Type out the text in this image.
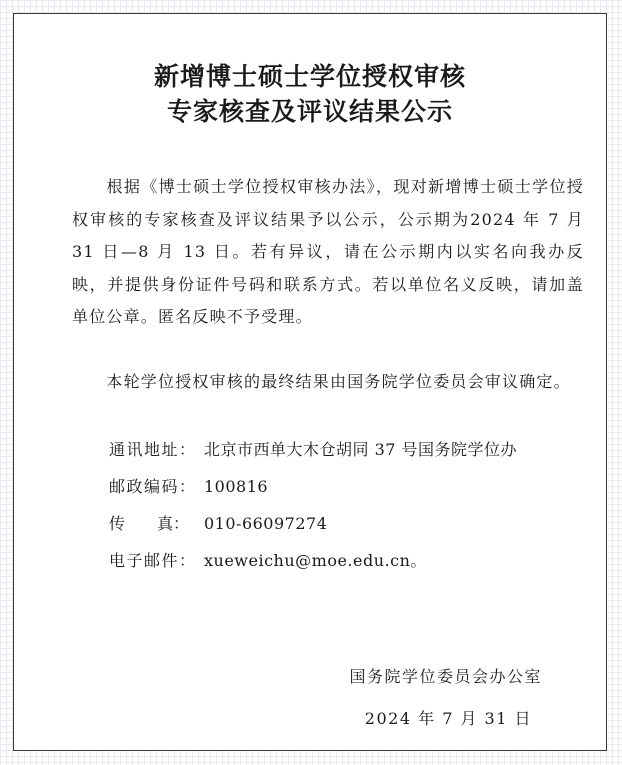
新增博士硕士学位授权审核
专家核查及评议结果公示

  根据《博士硕士学位授权审核办法》，现对新增博士硕士学位授权审核的专家核查及评议结果予以公示，公示期为2024 年 7 月 31 日—8 月 13 日。若有异议，请在公示期内以实名向我办反映，并提供身份证件号码和联系方式。若以单位名义反映，请加盖单位公章。匿名反映不予受理。

  本轮学位授权审核的最终结果由国务院学位委员会审议确定。

通讯地址： 北京市西单大木仓胡同 37 号国务院学位办
邮政编码： 100816
传　　真： 010-66097274
电子邮件： xueweichu@moe.edu.cn。
国务院学位委员会办公室
2024 年 7 月 31 日
